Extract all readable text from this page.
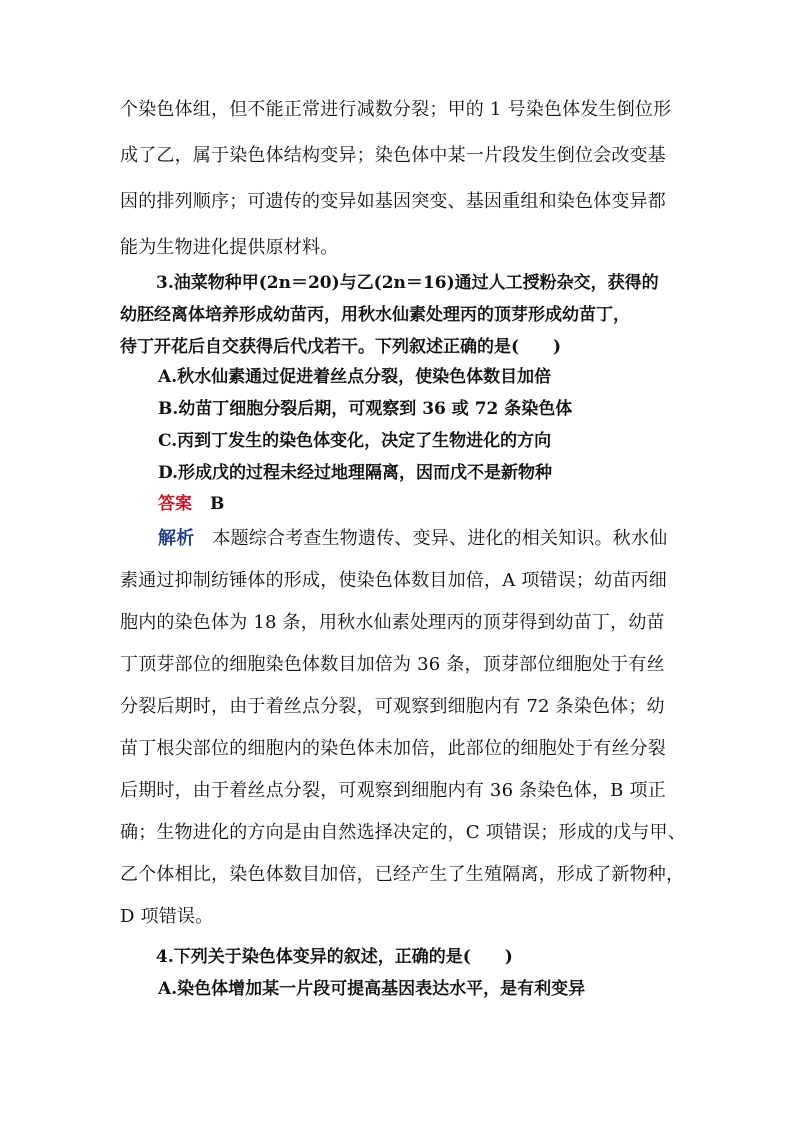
个染色体组，但不能正常进行减数分裂；甲的 1 号染色体发生倒位形
成了乙，属于染色体结构变异；染色体中某一片段发生倒位会改变基
因的排列顺序；可遗传的变异如基因突变、基因重组和染色体变异都
能为生物进化提供原材料。
3.油菜物种甲(2n＝20)与乙(2n＝16)通过人工授粉杂交，获得的
幼胚经离体培养形成幼苗丙，用秋水仙素处理丙的顶芽形成幼苗丁，
待丁开花后自交获得后代戊若干。下列叙述正确的是(　　)
A.秋水仙素通过促进着丝点分裂，使染色体数目加倍
B.幼苗丁细胞分裂后期，可观察到 36 或 72 条染色体
C.丙到丁发生的染色体变化，决定了生物进化的方向
D.形成戊的过程未经过地理隔离，因而戊不是新物种
答案 B
解析 本题综合考查生物遗传、变异、进化的相关知识。秋水仙
素通过抑制纺锤体的形成，使染色体数目加倍，A 项错误；幼苗丙细
胞内的染色体为 18 条，用秋水仙素处理丙的顶芽得到幼苗丁，幼苗
丁顶芽部位的细胞染色体数目加倍为 36 条，顶芽部位细胞处于有丝
分裂后期时，由于着丝点分裂，可观察到细胞内有 72 条染色体；幼
苗丁根尖部位的细胞内的染色体未加倍，此部位的细胞处于有丝分裂
后期时，由于着丝点分裂，可观察到细胞内有 36 条染色体，B 项正
确；生物进化的方向是由自然选择决定的，C 项错误；形成的戊与甲、
乙个体相比，染色体数目加倍，已经产生了生殖隔离，形成了新物种，
D 项错误。
4.下列关于染色体变异的叙述，正确的是(　　)
A.染色体增加某一片段可提高基因表达水平，是有利变异
